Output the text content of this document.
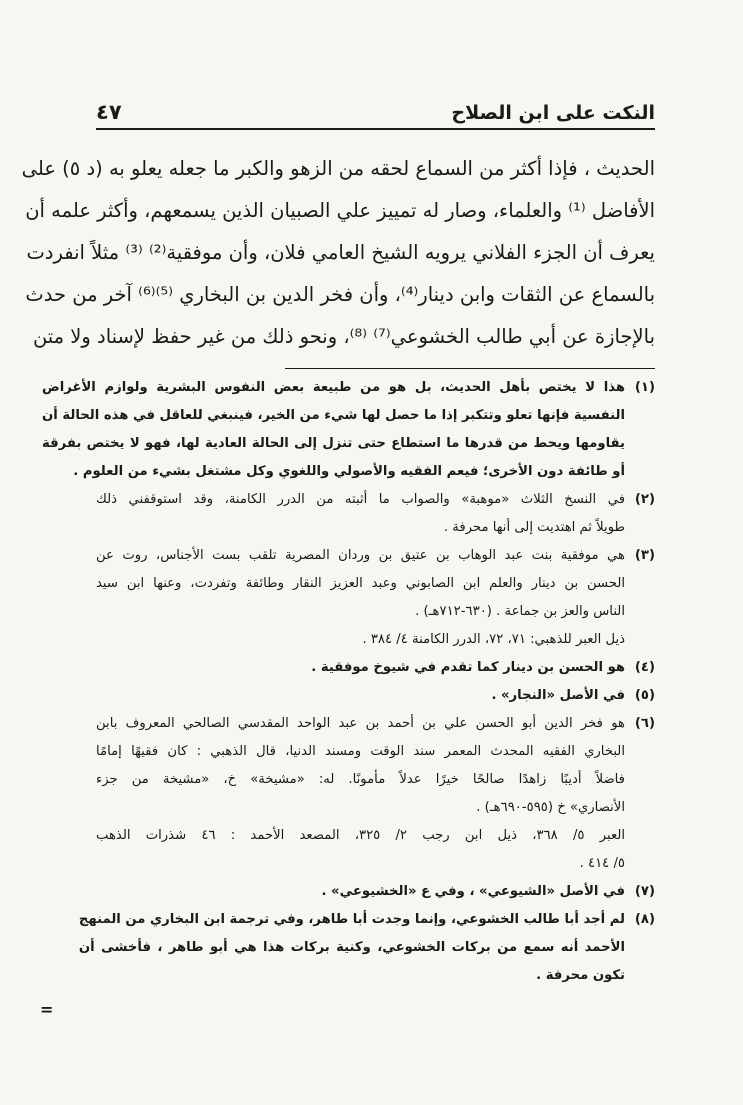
النكت على ابن الصلاح
٤٧
الحديث ، فإذا أكثر من السماع لحقه من الزهو والكبر ما جعله يعلو به (د ٥) على
الأفاضل ⁽¹⁾ والعلماء، وصار له تمييز علي الصبيان الذين يسمعهم، وأكثر علمه أن
يعرف أن الجزء الفلاني يرويه الشيخ العامي فلان، وأن موفقية⁽²⁾ ⁽³⁾ مثلاً انفردت
بالسماع عن الثقات وابن دينار⁽⁴⁾، وأن فخر الدين بن البخاري ⁽⁵⁾⁽⁶⁾ آخر من حدث
بالإجازة عن أبي طالب الخشوعي⁽⁷⁾ ⁽⁸⁾، ونحو ذلك من غير حفظ لإسناد ولا متن
(١)
هذا لا يختص بأهل الحديث، بل هو من طبيعة بعض النفوس البشرية ولوازم الأغراض
النفسية فإنها تعلو وتتكبر إذا ما حصل لها شيء من الخير، فينبغي للعاقل في هذه الحالة أن
يقاومها ويحط من قدرها ما استطاع حتى تنزل إلى الحالة العادية لها، فهو لا يختص بفرقة
أو طائفة دون الأخرى؛ فيعم الفقيه والأصولي واللغوي وكل مشتغل بشيء من العلوم .
(٢)
في النسخ الثلاث «موهبة» والصواب ما أثبته من الدرر الكامنة، وقد استوقفني ذلك
طويلاً ثم اهتديت إلى أنها محرفة .
(٣)
هي موفقية بنت عبد الوهاب بن عتيق بن وردان المصرية تلقب بست الأجناس، روت عن
الحسن بن دينار والعلم ابن الصابوني وعبد العزيز النقار وطائفة وتفردت، وعنها ابن سيد
الناس والعز بن جماعة . (٦٣٠-٧١٢هـ) .
ذيل العبر للذهبي: ٧١، ٧٢، الدرر الكامنة ٤/ ٣٨٤ .
(٤)
هو الحسن بن دينار كما تقدم في شيوخ موفقية .
(٥)
في الأصل «النجار» .
(٦)
هو فخر الدين أبو الحسن علي بن أحمد بن عبد الواحد المقدسي الصالحي المعروف بابن
البخاري الفقيه المحدث المعمر سند الوقت ومسند الدنيا، قال الذهبي : كان فقيهًا إمامًا
فاضلاً أديبًا زاهدًا صالحًا خيرًا عدلاً مأمونًا. له: «مشيخة» خ، «مشيخة من جزء
الأنصاري» خ (٥٩٥-٦٩٠هـ) .
العبر ٥/ ٣٦٨، ذيل ابن رجب ٢/ ٣٢٥، المصعد الأحمد : ٤٦ شذرات الذهب
٥/ ٤١٤ .
(٧)
في الأصل «الشيوعي» ، وفي ع «الخشيوعي» .
(٨)
لم أجد أبا طالب الخشوعي، وإنما وجدت أبا طاهر، وفي ترجمة ابن البخاري من المنهج
الأحمد أنه سمع من بركات الخشوعي، وكنية بركات هذا هي أبو طاهر ، فأخشى أن
تكون محرفة .
=
